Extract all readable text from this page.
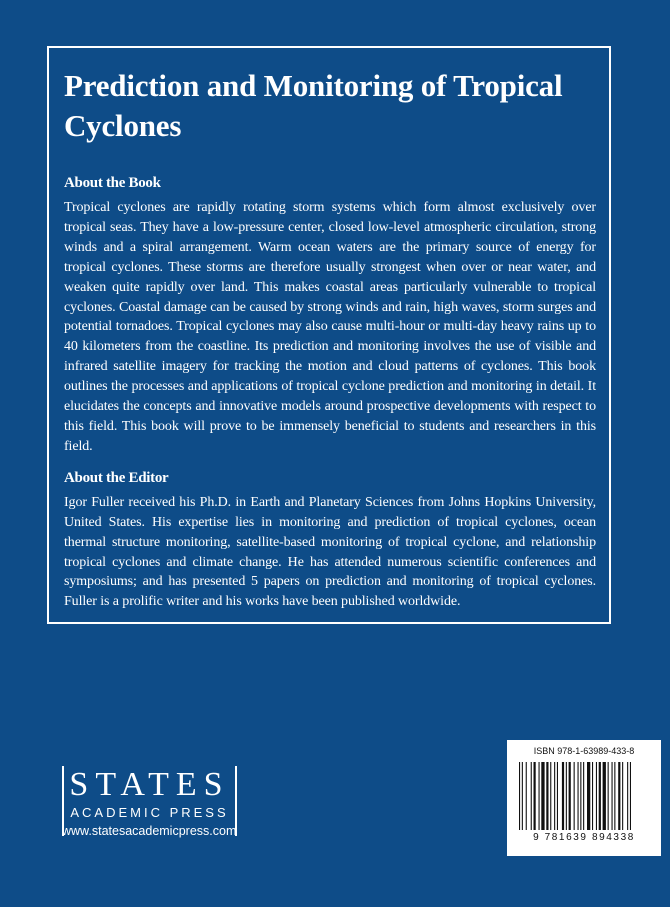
Prediction and Monitoring of Tropical Cyclones
About the Book

Tropical cyclones are rapidly rotating storm systems which form almost exclusively over tropical seas. They have a low-pressure center, closed low-level atmospheric circulation, strong winds and a spiral arrangement. Warm ocean waters are the primary source of energy for tropical cyclones. These storms are therefore usually strongest when over or near water, and weaken quite rapidly over land. This makes coastal areas particularly vulnerable to tropical cyclones. Coastal damage can be caused by strong winds and rain, high waves, storm surges and potential tornadoes. Tropical cyclones may also cause multi-hour or multi-day heavy rains up to 40 kilometers from the coastline. Its prediction and monitoring involves the use of visible and infrared satellite imagery for tracking the motion and cloud patterns of cyclones. This book outlines the processes and applications of tropical cyclone prediction and monitoring in detail. It elucidates the concepts and innovative models around prospective developments with respect to this field. This book will prove to be immensely beneficial to students and researchers in this field.

About the Editor

Igor Fuller received his Ph.D. in Earth and Planetary Sciences from Johns Hopkins University, United States. His expertise lies in monitoring and prediction of tropical cyclones, ocean thermal structure monitoring, satellite-based monitoring of tropical cyclone, and relationship tropical cyclones and climate change. He has attended numerous scientific conferences and symposiums; and has presented 5 papers on prediction and monitoring of tropical cyclones. Fuller is a prolific writer and his works have been published worldwide.

STATES
ACADEMIC PRESS
www.statesacademicpress.com
ISBN 978-1-63989-433-8
9 781639 894338
